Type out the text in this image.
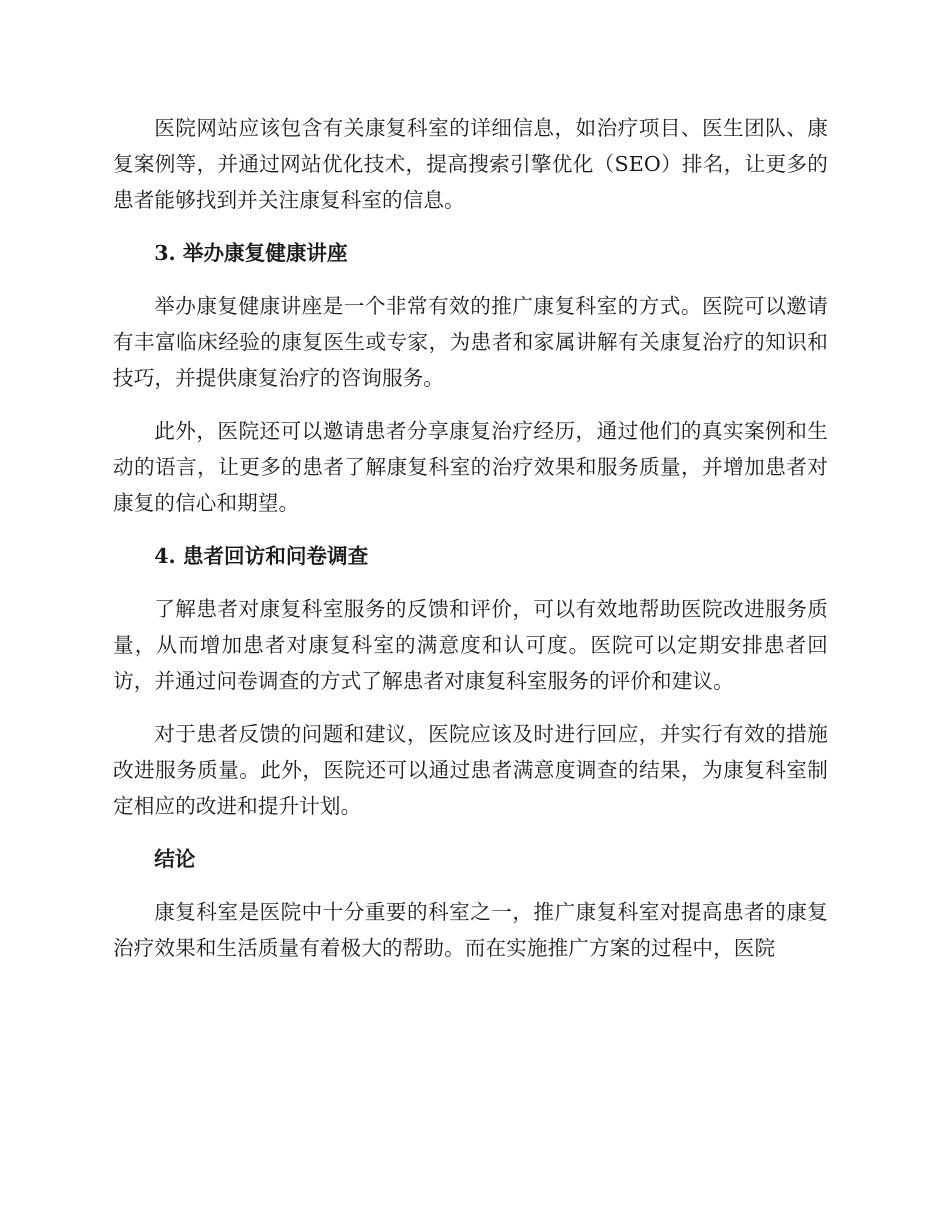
医院网站应该包含有关康复科室的详细信息，如治疗项目、医生团队、康复案例等，并通过网站优化技术，提高搜索引擎优化（SEO）排名，让更多的患者能够找到并关注康复科室的信息。

3. 举办康复健康讲座

举办康复健康讲座是一个非常有效的推广康复科室的方式。医院可以邀请有丰富临床经验的康复医生或专家，为患者和家属讲解有关康复治疗的知识和技巧，并提供康复治疗的咨询服务。

此外，医院还可以邀请患者分享康复治疗经历，通过他们的真实案例和生动的语言，让更多的患者了解康复科室的治疗效果和服务质量，并增加患者对康复的信心和期望。

4. 患者回访和问卷调查

了解患者对康复科室服务的反馈和评价，可以有效地帮助医院改进服务质量，从而增加患者对康复科室的满意度和认可度。医院可以定期安排患者回访，并通过问卷调查的方式了解患者对康复科室服务的评价和建议。

对于患者反馈的问题和建议，医院应该及时进行回应，并实行有效的措施改进服务质量。此外，医院还可以通过患者满意度调查的结果，为康复科室制定相应的改进和提升计划。

结论

康复科室是医院中十分重要的科室之一，推广康复科室对提高患者的康复治疗效果和生活质量有着极大的帮助。而在实施推广方案的过程中，医院
